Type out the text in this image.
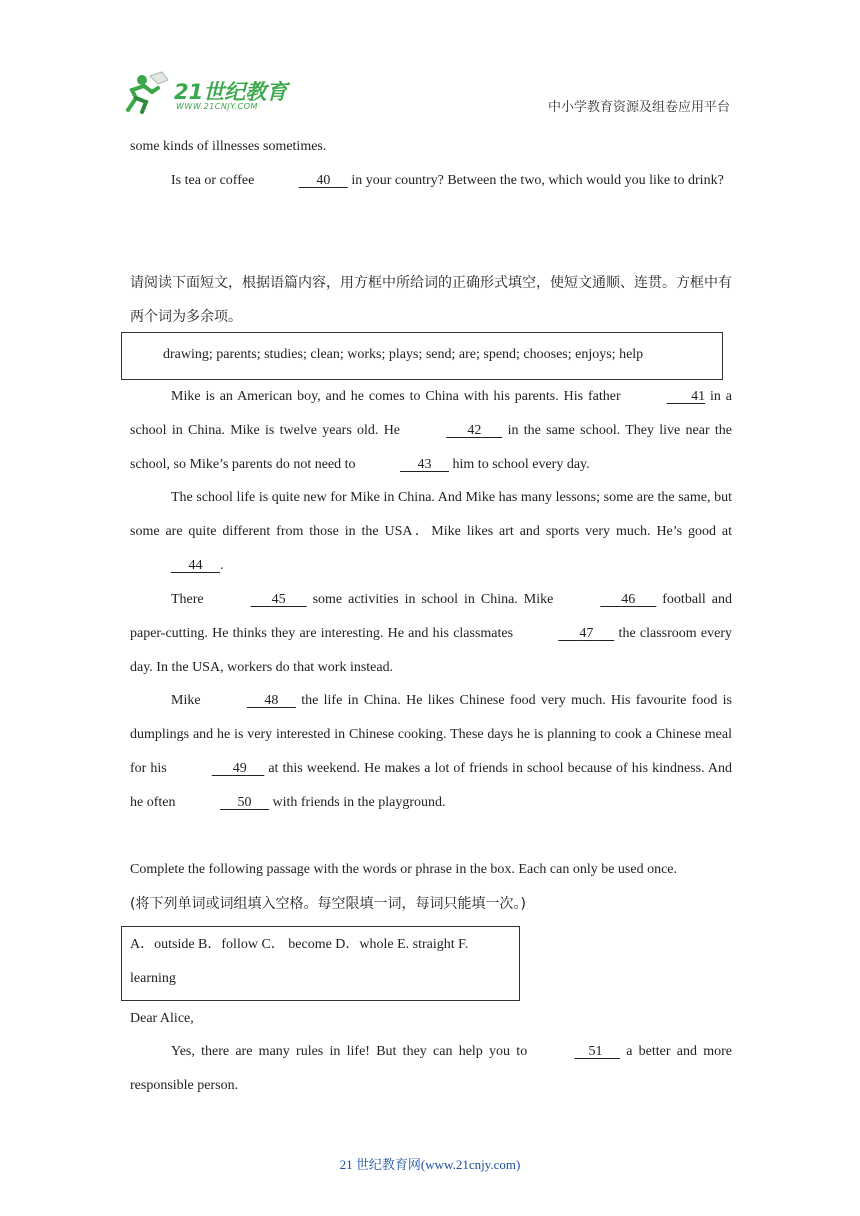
21世纪教育
WWW.21CNJY.COM	中小学教育资源及组卷应用平台
some kinds of illnesses sometimes.
Is tea or coffee	40      in your country? Between the two, which would you like to drink?
请阅读下面短文，根据语篇内容，用方框中所给词的正确形式填空，使短文通顺、连贯。方框中有两个词为多余项。
drawing; parents; studies; clean; works; plays; send; are; spend; chooses; enjoys; help
Mike is an American boy, and he comes to China with his parents. His father	41 in a school in China. Mike is twelve years old. He	42       in the same school. They live near the school, so Mike’s parents do not need to	43      him to school every day.
The school life is quite new for Mike in China. And Mike has many lessons; some are the same, but some are quite different from those in the USA．Mike likes art and sports very much. He’s good at      44 .
There	45       some activities in school in China. Mike	46       football and paper-cutting. He thinks they are interesting. He and his classmates	47       the classroom every day. In the USA, workers do that work instead.
Mike	48      the life in China. He likes Chinese food very much. His favourite food is dumplings and he is very interested in Chinese cooking. These days he is planning to cook a Chinese meal for his	49      at this weekend. He makes a lot of friends in school because of his kindness. And he often	50      with friends in the playground.
Complete the following passage with the words or phrase in the box. Each can only be used once.
(将下列单词或词组填入空格。每空限填一词，每词只能填一次。)
A．outside B．follow C． become D．whole E. straight F. learning
Dear Alice,
Yes, there are many rules in life! But they can help you to	51      a better and more responsible person.
21 世纪教育网(www.21cnjy.com)
